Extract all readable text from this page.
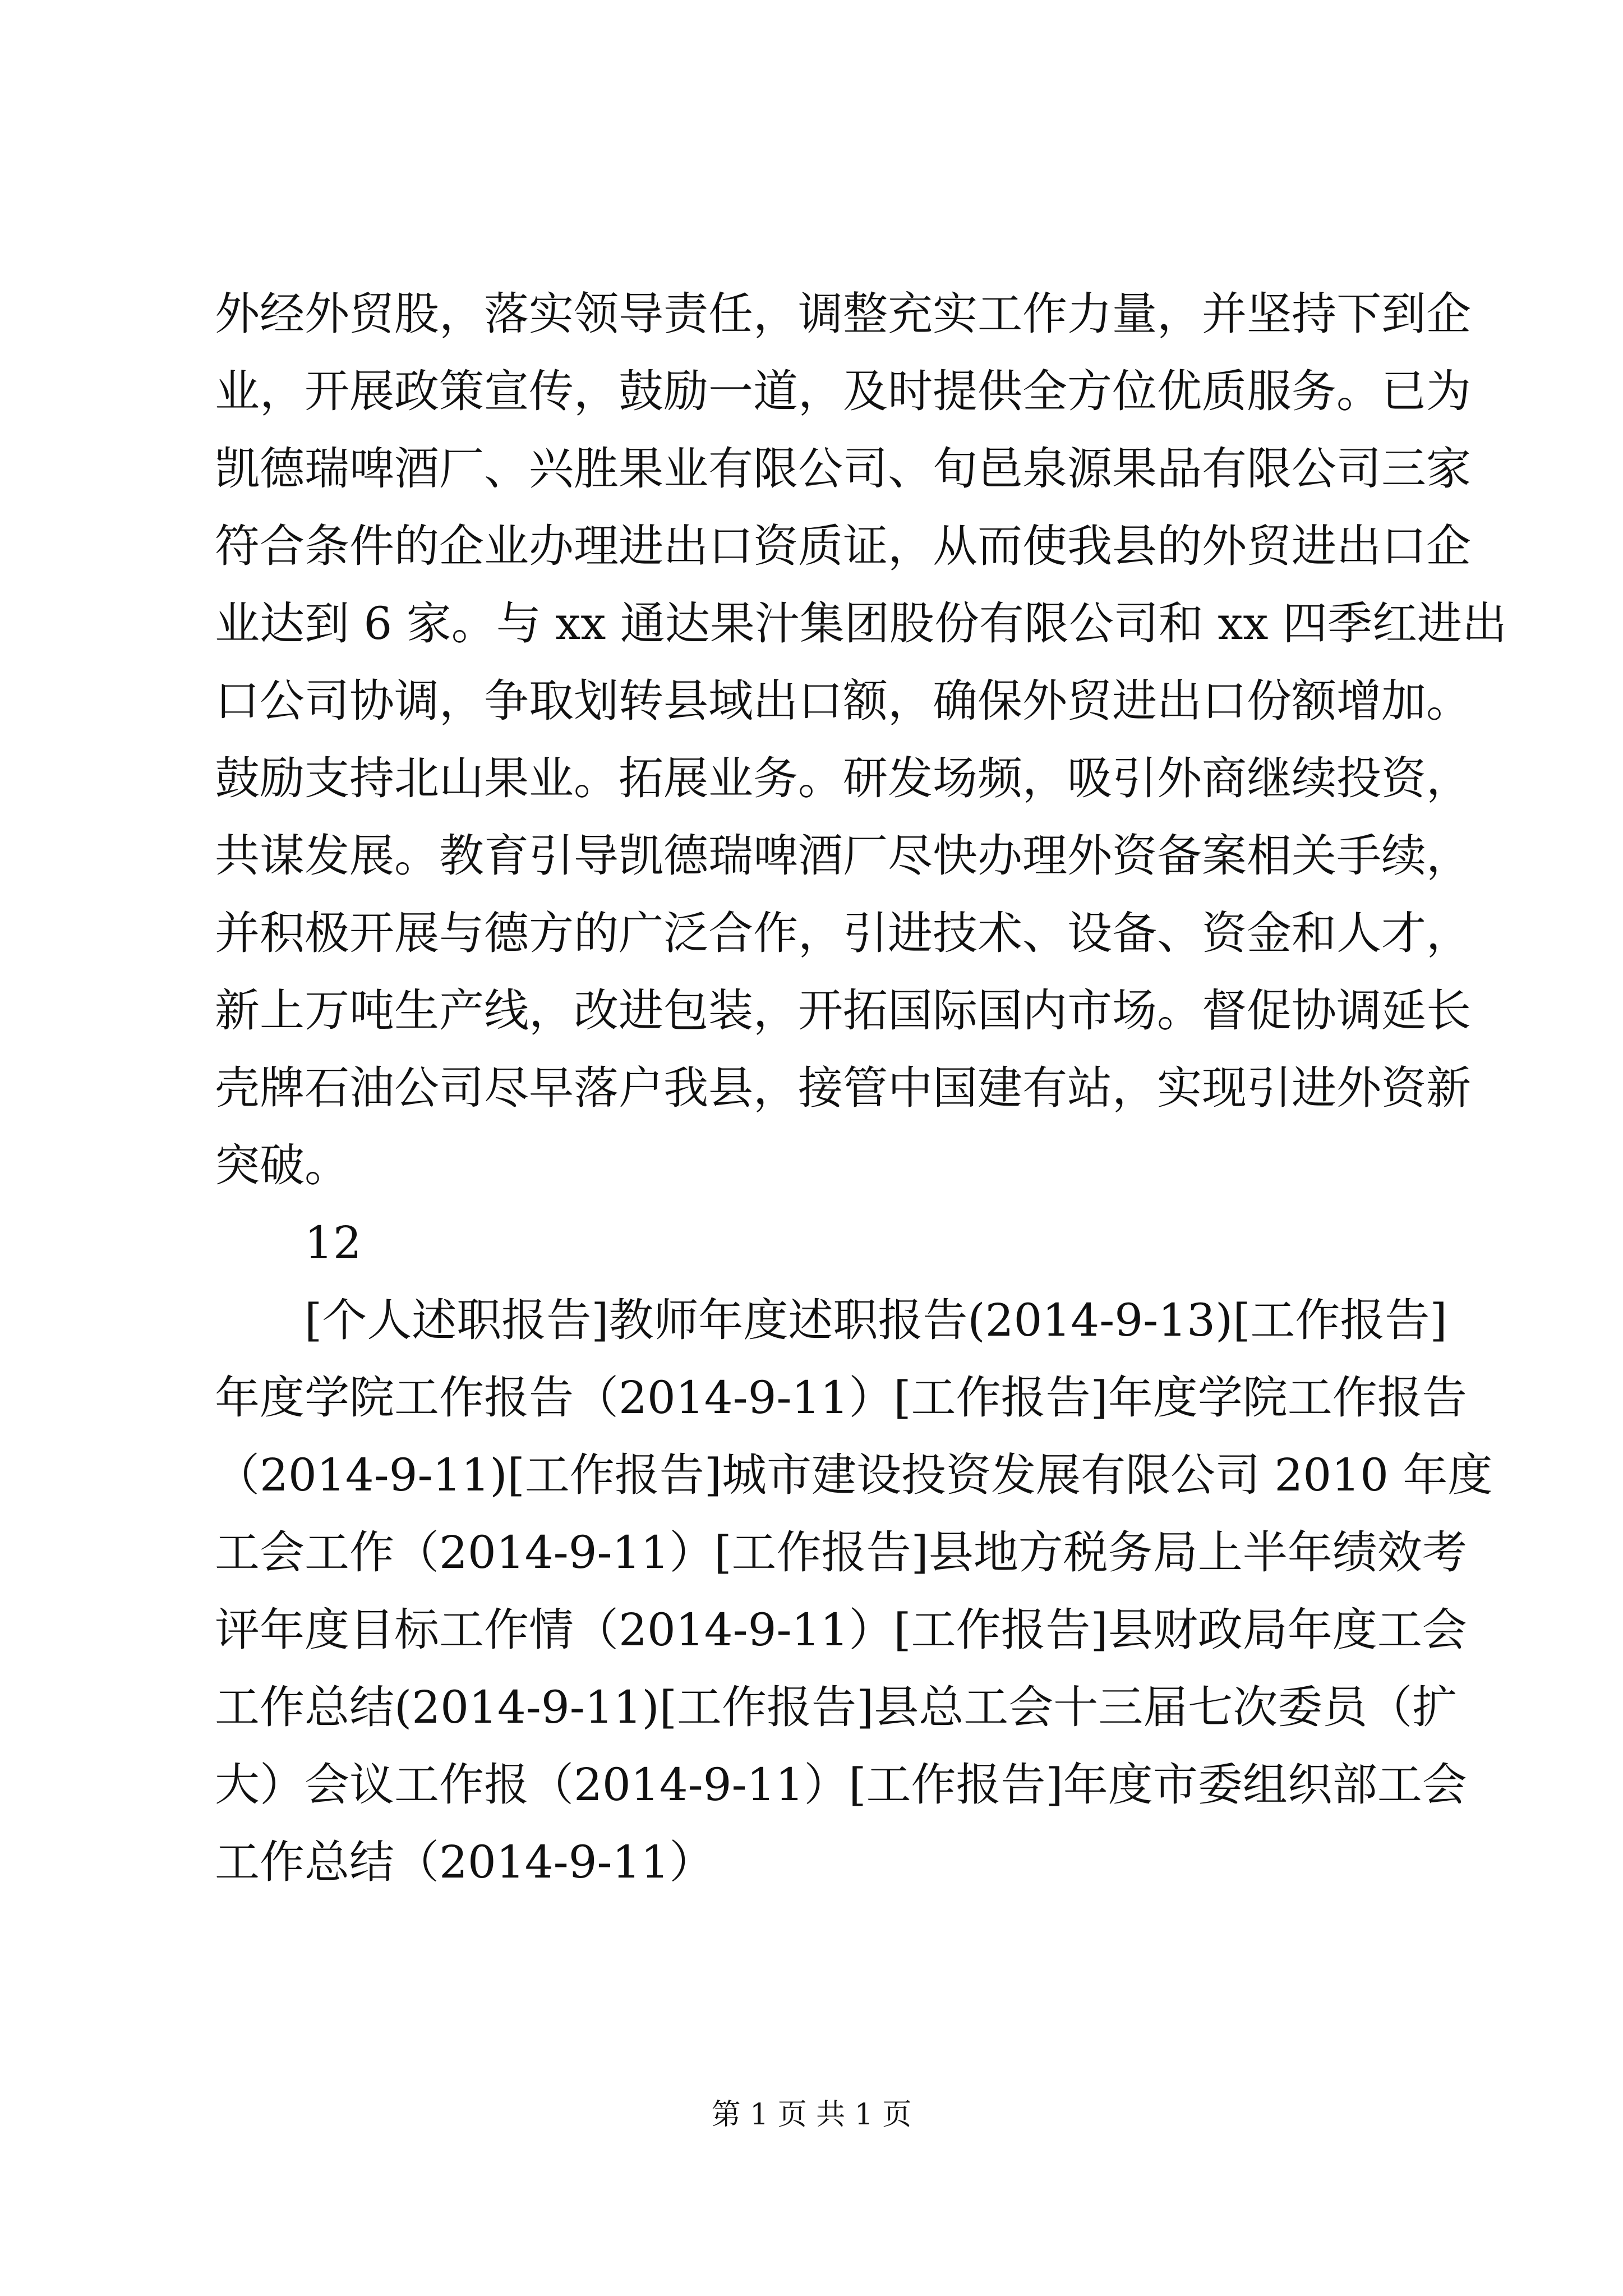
外经外贸股，落实领导责任，调整充实工作力量，并坚持下到企
业，开展政策宣传，鼓励一道，及时提供全方位优质服务。已为
凯德瑞啤酒厂、兴胜果业有限公司、旬邑泉源果品有限公司三家
符合条件的企业办理进出口资质证，从而使我县的外贸进出口企
业达到 6 家。与 xx 通达果汁集团股份有限公司和 xx 四季红进出
口公司协调，争取划转县域出口额，确保外贸进出口份额增加。
鼓励支持北山果业。拓展业务。研发场频，吸引外商继续投资，
共谋发展。教育引导凯德瑞啤酒厂尽快办理外资备案相关手续，
并积极开展与德方的广泛合作，引进技术、设备、资金和人才，
新上万吨生产线，改进包装，开拓国际国内市场。督促协调延长
壳牌石油公司尽早落户我县，接管中国建有站，实现引进外资新
突破。
12
[个人述职报告]教师年度述职报告(2014-9-13)[工作报告]
年度学院工作报告（2014-9-11）[工作报告]年度学院工作报告
（2014-9-11)[工作报告]城市建设投资发展有限公司 2010 年度
工会工作（2014-9-11）[工作报告]县地方税务局上半年绩效考
评年度目标工作情（2014-9-11）[工作报告]县财政局年度工会
工作总结(2014-9-11)[工作报告]县总工会十三届七次委员（扩
大）会议工作报（2014-9-11）[工作报告]年度市委组织部工会
工作总结（2014-9-11）
第 1 页 共 1 页
